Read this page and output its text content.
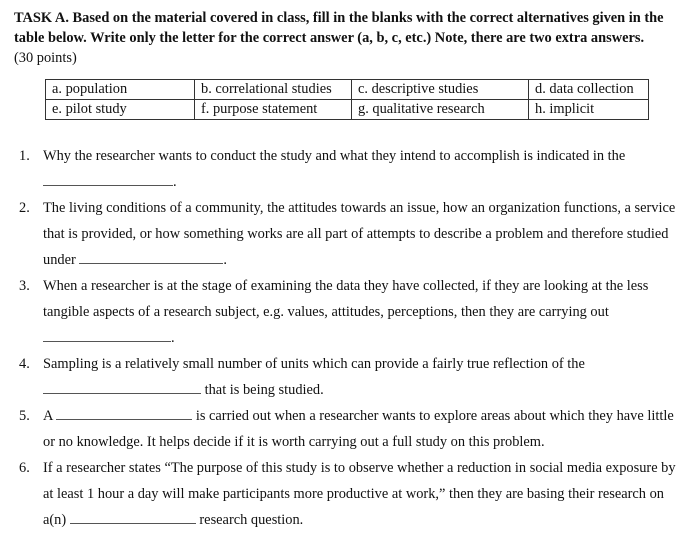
TASK A. Based on the material covered in class, fill in the blanks with the correct alternatives given in the table below. Write only the letter for the correct answer (a, b, c, etc.) Note, there are two extra answers. (30 points)
a. population	b. correlational studies	c. descriptive studies	d. data collection
e. pilot study	f. purpose statement	g. qualitative research	h. implicit
1. Why the researcher wants to conduct the study and what they intend to accomplish is indicated in the .
2. The living conditions of a community, the attitudes towards an issue, how an organization functions, a service that is provided, or how something works are all part of attempts to describe a problem and therefore studied under	.
3. When a researcher is at the stage of examining the data they have collected, if they are looking at the less tangible aspects of a research subject, e.g. values, attitudes, perceptions, then they are carrying out .
4. Sampling is a relatively small number of units which can provide a fairly true reflection of the  that is being studied.
5. A	is carried out when a researcher wants to explore areas about which they have little or no knowledge. It helps decide if it is worth carrying out a full study on this problem.
6. If a researcher states “The purpose of this study is to observe whether a reduction in social media exposure by at least 1 hour a day will make participants more productive at work,” then they are basing their research on a(n)	research question.
